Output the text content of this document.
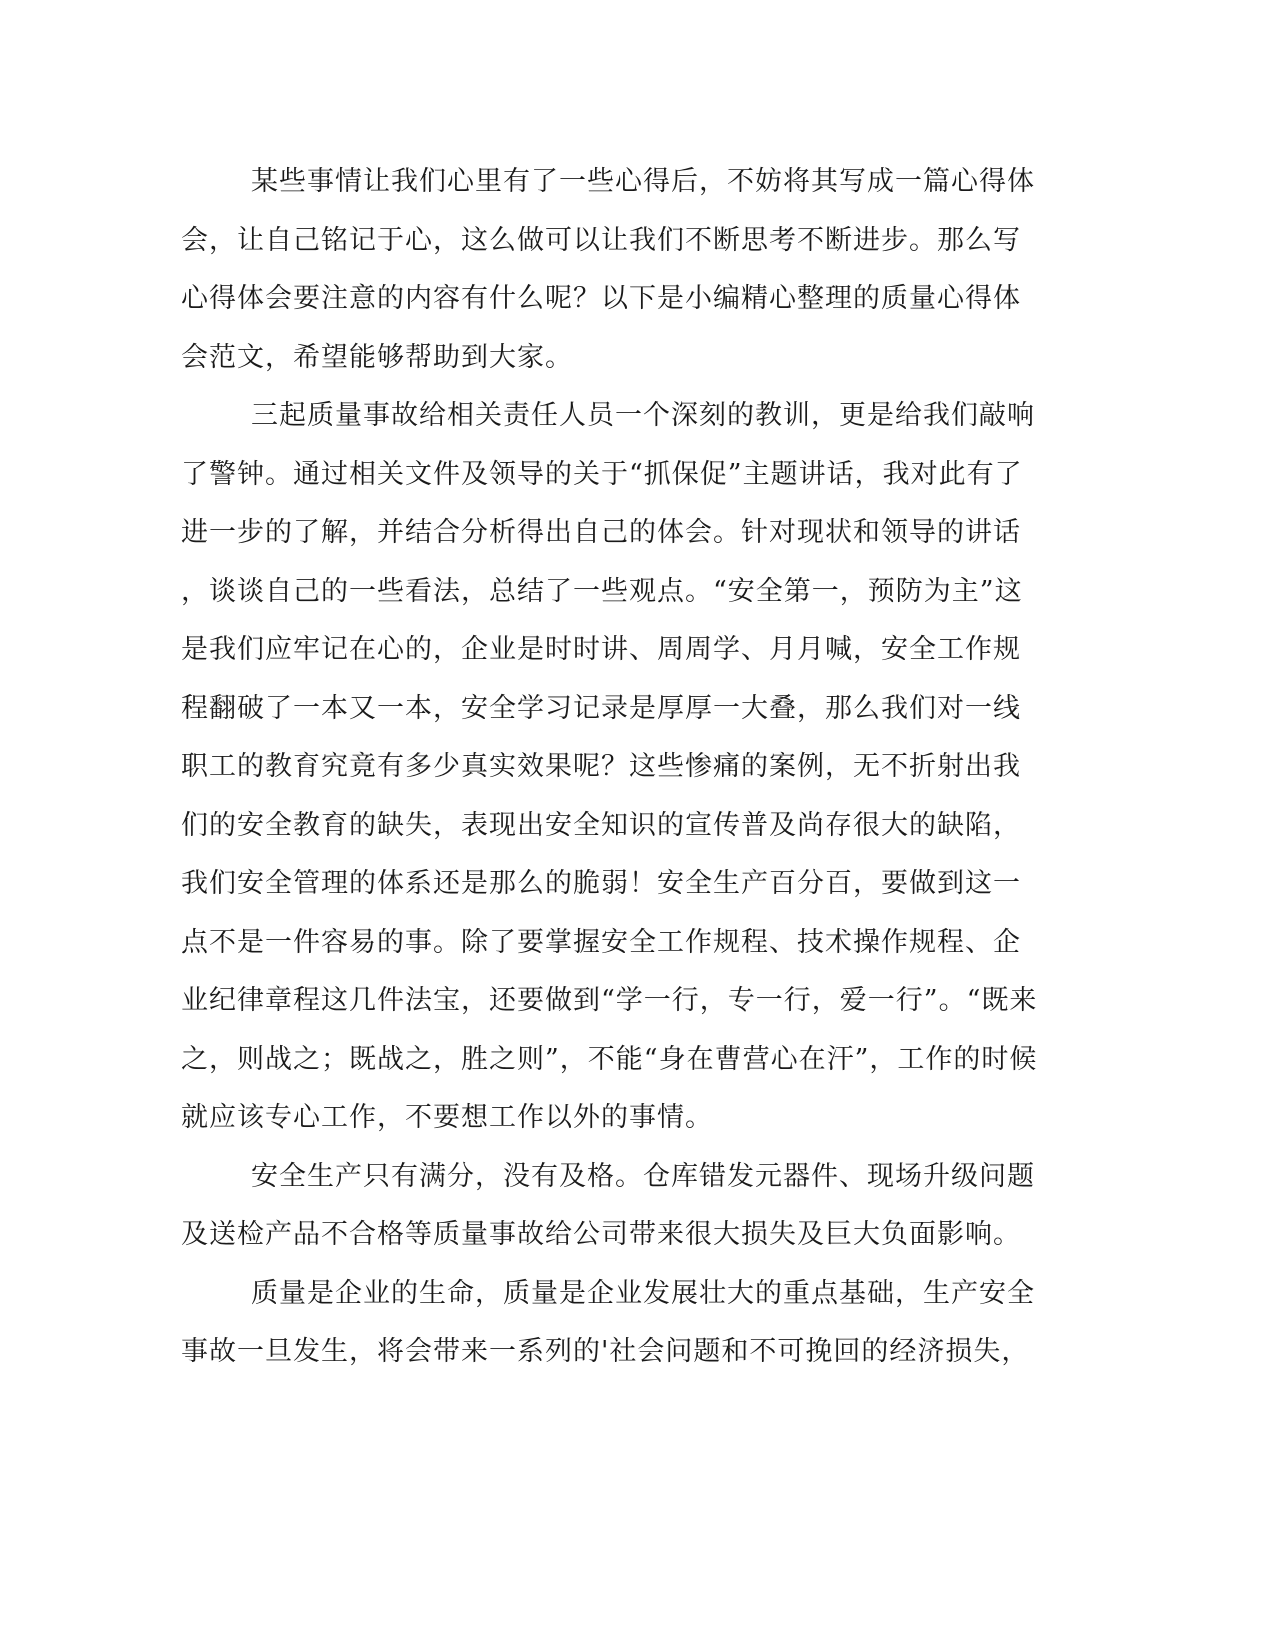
某些事情让我们心里有了一些心得后，不妨将其写成一篇心得体
会，让自己铭记于心，这么做可以让我们不断思考不断进步。那么写
心得体会要注意的内容有什么呢？以下是小编精心整理的质量心得体
会范文，希望能够帮助到大家。
三起质量事故给相关责任人员一个深刻的教训，更是给我们敲响
了警钟。通过相关文件及领导的关于“抓保促”主题讲话，我对此有了
进一步的了解，并结合分析得出自己的体会。针对现状和领导的讲话
，谈谈自己的一些看法，总结了一些观点。“安全第一，预防为主”这
是我们应牢记在心的，企业是时时讲、周周学、月月喊，安全工作规
程翻破了一本又一本，安全学习记录是厚厚一大叠，那么我们对一线
职工的教育究竟有多少真实效果呢？这些惨痛的案例，无不折射出我
们的安全教育的缺失，表现出安全知识的宣传普及尚存很大的缺陷，
我们安全管理的体系还是那么的脆弱！安全生产百分百，要做到这一
点不是一件容易的事。除了要掌握安全工作规程、技术操作规程、企
业纪律章程这几件法宝，还要做到“学一行，专一行，爱一行”。“既来
之，则战之；既战之，胜之则”，不能“身在曹营心在汗”，工作的时候
就应该专心工作，不要想工作以外的事情。
安全生产只有满分，没有及格。仓库错发元器件、现场升级问题
及送检产品不合格等质量事故给公司带来很大损失及巨大负面影响。
质量是企业的生命，质量是企业发展壮大的重点基础，生产安全
事故一旦发生，将会带来一系列的'社会问题和不可挽回的经济损失，
